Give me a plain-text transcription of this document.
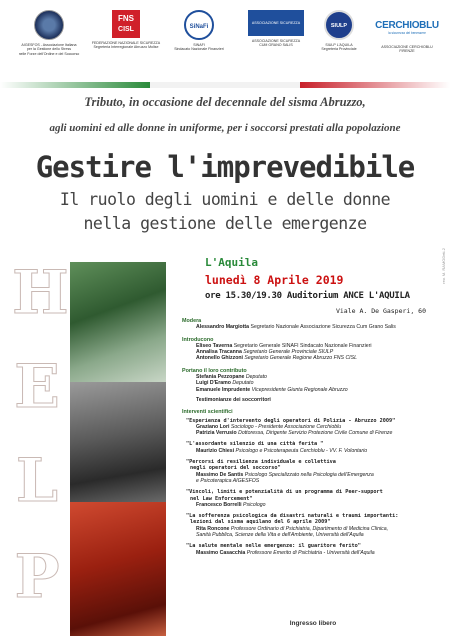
AIGESFOS - Associazione Italiana
per la Gestione dello Stress
nelle Forze dell'Ordine e del Soccorso
FNS
CISL
FEDERAZIONE NAZIONALE SICUREZZA
Segreteria Interregionale Abruzzo Molise
SiNaFi
SINAFI
Sindacato Nazionale Finanzieri
ASSOCIAZIONE SICUREZZA
ASSOCIAZIONE SICUREZZA
CUM GRANO SALIS
SIULP
SIULP L'AQUILA
Segreteria Provinciale
CERCHIOBLU
la sicurezza del benessere
ASSOCIAZIONE CERCHIOBLU
FIRENZE
Tributo, in occasione del decennale del sisma Abruzzo,
agli uomini ed alle donne in uniforme, per i soccorsi prestati alla popolazione
Gestire l'imprevedibile
Il ruolo degli uomini e delle donne
nella gestione delle emergenze
H
E
L
P
rev. M. RAMODeti-2
L'Aquila
lunedì 8 Aprile 2019
ore 15.30/19.30 Auditorium ANCE L'AQUILA
Viale A. De Gasperi, 60
Modera
Alessandro Margiotta Segretario Nazionale Associazione Sicurezza Cum Grano Salis
Introducono
Eliseo Taverna Segretario Generale SINAFI Sindacato Nazionale Finanzieri
Annalisa Tracanna Segretario Generale Provinciale SIULP
Antonello Ghizzoni Segretario Generale Regione Abruzzo FNS CISL
Portano il loro contributo
Stefania Pezzopane Deputato
Luigi D'Eramo Deputato
Emanuele Imprudente Vicepresidente Giunta Regionale Abruzzo
Testimonianze dei soccorritori
Interventi scientifici
"Esperienza d'intervento degli operatori di Polizia - Abruzzo 2009"
Graziano Lori Sociologo - Presidente Associazione Cerchioblu
Patrizia Verrusio Dottoressa, Dirigente Servizio Protezione Civile Comune di Firenze
"L'assordante silenzio di una città ferita "
Maurizio Chiesi Psicologo e Psicoterapeuta Cerchioblu - VV. F. Volontario
"Percorsi di resilienza individuale e collettiva
negli operatori del soccorso"
Massimo De Santis Psicologo Specializzato nella Psicologia dell'Emergenza
e Psicoterapica AIGESFOS
"Vincoli, limiti e potenzialità di un programma di Peer-support
nel Law Enforcement"
Francesco Borrelli Psicologo
"La sofferenza psicologica da disastri naturali e traumi importanti:
lezioni dal sisma aquilano del 6 aprile 2009"
Rita Roncone Professore Ordinario di Psichiatria, Dipartimento di Medicina Clinica,
Sanità Pubblica, Scienze della Vita e dell'Ambiente, Università dell'Aquila
"La salute mentale nelle emergenze: il guaritore ferito"
Massimo Casacchia Professore Emerito di Psichiatria - Università dell'Aquila
Ingresso libero
